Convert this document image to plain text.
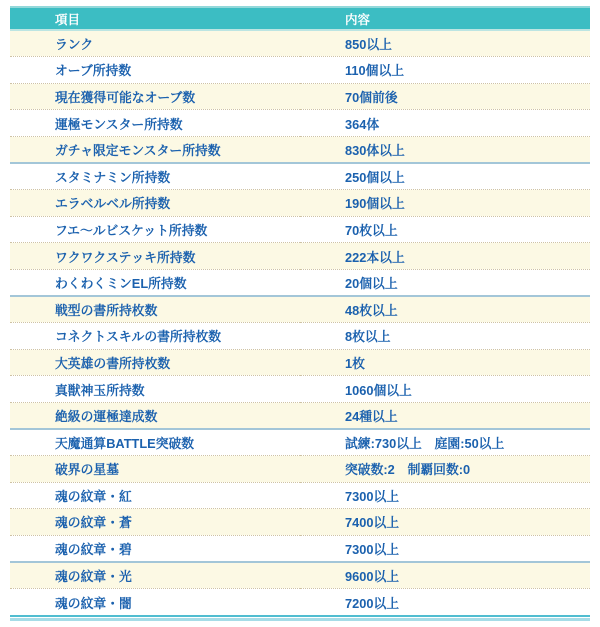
項目	内容
ランク	850以上
オーブ所持数	110個以上
現在獲得可能なオーブ数	70個前後
運極モンスター所持数	364体
ガチャ限定モンスター所持数	830体以上
スタミナミン所持数	250個以上
エラベルベル所持数	190個以上
フエ〜ルビスケット所持数	70枚以上
ワクワクステッキ所持数	222本以上
わくわくミンEL所持数	20個以上
戦型の書所持枚数	48枚以上
コネクトスキルの書所持枚数	8枚以上
大英雄の書所持枚数	1枚
真獣神玉所持数	1060個以上
絶級の運極達成数	24種以上
天魔通算BATTLE突破数	試練:730以上　庭園:50以上
破界の星墓	突破数:2　制覇回数:0
魂の紋章・紅	7300以上
魂の紋章・蒼	7400以上
魂の紋章・碧	7300以上
魂の紋章・光	9600以上
魂の紋章・闇	7200以上
